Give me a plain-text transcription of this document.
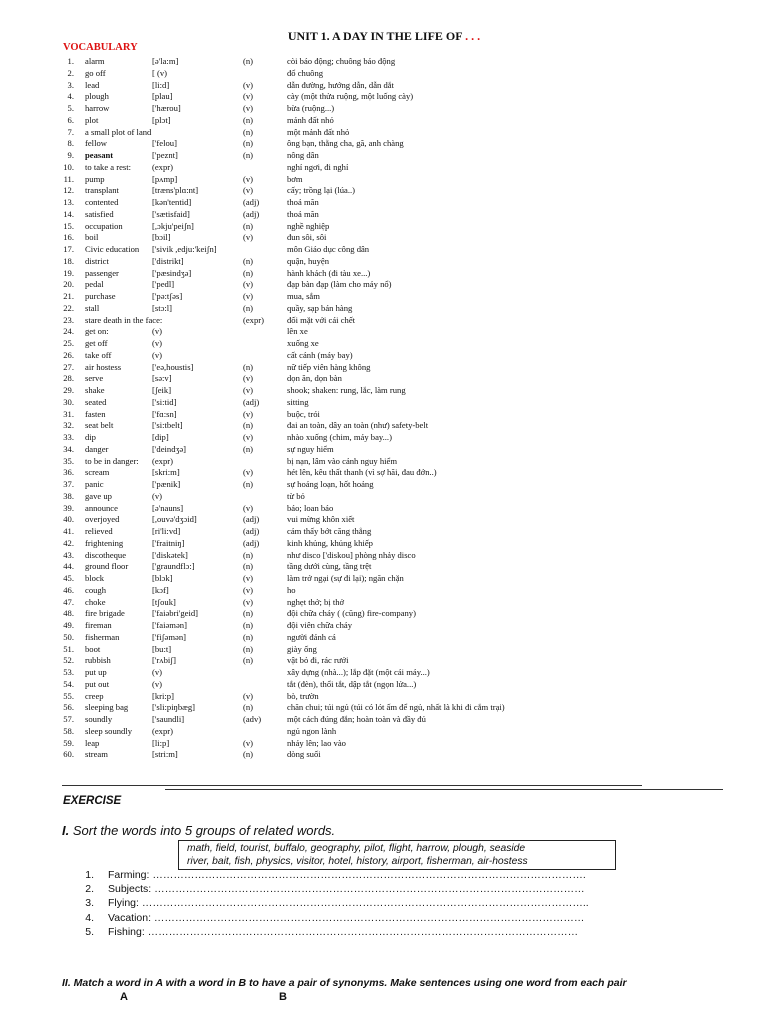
UNIT 1. A DAY IN THE LIFE OF . . .
VOCABULARY
1. alarm	[ə'la:m]	(n)	còi báo động; chuông báo động
2. go off	[ (v)	đổ chuông
3. lead	[li:d]	(v)	dẫn đường, hướng dẫn, dẫn dắt
4. plough	[plau]	(v)	cày (một thửa ruộng, một luống cày)
5. harrow	['hærou]	(v)	bừa (ruộng...)
6. plot	[plɔt]	(n)	mảnh đất nhỏ
7. a small plot of land	(n)	một mảnh đất nhỏ
8. fellow	['felou]	(n)	ông bạn, thằng cha, gã, anh chàng
9. peasant	['peznt]	(n)	nông dân
10. to take a rest: (expr)	nghỉ ngơi, đi nghỉ
11. pump	[pʌmp]	(v)	bơm
12. transplant	[træns'plɑ:nt]	(v)	cấy; trồng lại (lúa..)
13. contented	[kən'tentid]	(adj)	thoả mãn
14. satisfied	['sætisfaid]	(adj)	thoả mãn
15. occupation	[,ɔkju'peiʃn]	(n)	nghề nghiệp
16. boil	[bɔil]	(v)	đun sôi, sôi
17. Civic education ['sivik ,edju:'keiʃn]	môn Giáo dục công dân
18. district	['distrikt]	(n)	quận, huyện
19. passenger	['pæsindʒə]	(n)	hành khách (đi tàu xe...)
20. pedal	['pedl]	(v)	đạp bàn đạp (làm cho máy nổ)
21. purchase	['pə:tʃəs]	(v)	mua, sắm
22. stall	[stɔ:l]	(n)	quầy, sạp bán hàng
23. stare death in the face:	(expr)	đối mặt với cái chết
24. get on:	(v)	lên xe
25. get off	(v)	xuống xe
26. take off	(v)	cất cánh (máy bay)
27. air hostess	['eə,houstis]	(n)	nữ tiếp viên hàng không
28. serve	[sə:v]	(v)	dọn ăn, dọn bàn
29. shake	[ʃeik]	(v)	shook; shaken: rung, lắc, làm rung
30. seated	['si:tid]	(adj)	sitting
31. fasten	['fɑ:sn]	(v)	buộc, trói
32. seat belt	['si:tbelt]	(n)	đai an toàn, dây an toàn (như) safety-belt
33. dip	[dip]	(v)	nhào xuống (chim, máy bay...)
34. danger	['deindʒə]	(n)	sự nguy hiểm
35. to be in danger: (expr)	bị nạn, lâm vào cảnh nguy hiểm
36. scream	[skri:m]	(v)	hét lên, kêu thất thanh (vì sợ hãi, đau đớn..)
37. panic	['pænik]	(n)	sự hoảng loạn, hốt hoảng
38. gave up	(v)	từ bỏ
39. announce	[ə'nauns]	(v)	báo; loan báo
40. overjoyed	[,ouvə'dʒɔid]	(adj)	vui mừng khôn xiết
41. relieved	[ri'li:vd]	(adj)	cảm thấy bớt căng thẳng
42. frightening	['fraitniŋ]	(adj)	kinh khủng, khủng khiếp
43. discotheque	['diskətek]	(n)	như disco ['diskou] phòng nhảy disco
44. ground floor	['graundflɔ:]	(n)	tầng dưới cùng, tầng trệt
45. block	[blɔk]	(v)	làm trở ngại (sự đi lại); ngăn chặn
46. cough	[kɔf]	(v)	ho
47. choke	[tʃouk]	(v)	nghẹt thở; bị thở
48. fire brigade	['faiəbri'geid]	(n)	đội chữa cháy ( (cũng) fire-company)
49. fireman	['faiəmən]	(n)	đội viên chữa cháy
50. fisherman	['fiʃəmən]	(n)	người đánh cá
51. boot	[bu:t]	(n)	giày ống
52. rubbish	['rʌbiʃ]	(n)	vật bỏ đi, rác rưởi
53. put up	(v)	xây dựng (nhà...); lắp đặt (một cái máy...)
54. put out	(v)	tắt (đèn), thổi tắt, dập tắt (ngọn lửa...)
55. creep	[kri:p]	(v)	bò, trườn
56. sleeping bag	['sli:piŋbæg]	(n)	chăn chui; túi ngủ (túi có lót ấm để ngủ, nhất là khi đi cắm trại)
57. soundly	['saundli]	(adv)	một cách đúng đắn; hoàn toàn và đầy đủ
58. sleep soundly (expr)	ngủ ngon lành
59. leap	[li:p]	(v)	nhảy lên; lao vào
60. stream	[stri:m]	(n)	dòng suối
EXERCISE
I. Sort the words into 5 groups of related words.
math, field, tourist, buffalo, geography, pilot, flight, harrow, plough, seaside
river, bait, fish, physics, visitor, hotel, history, airport, fisherman, air-hostess
1. Farming: …………………………………………………………………………………………………………….
2. Subjects: ……………………………………………………………………………………………………………
3. Flying: ………………………………………………………………………………………………………………..
4. Vacation: ……………………………………………………………………………………………………………
5. Fishing: ……………………………………………………………………………………………………………
II. Match a word in A with a word in B to have a pair of synonyms. Make sentences using one word from each pair
A	B
